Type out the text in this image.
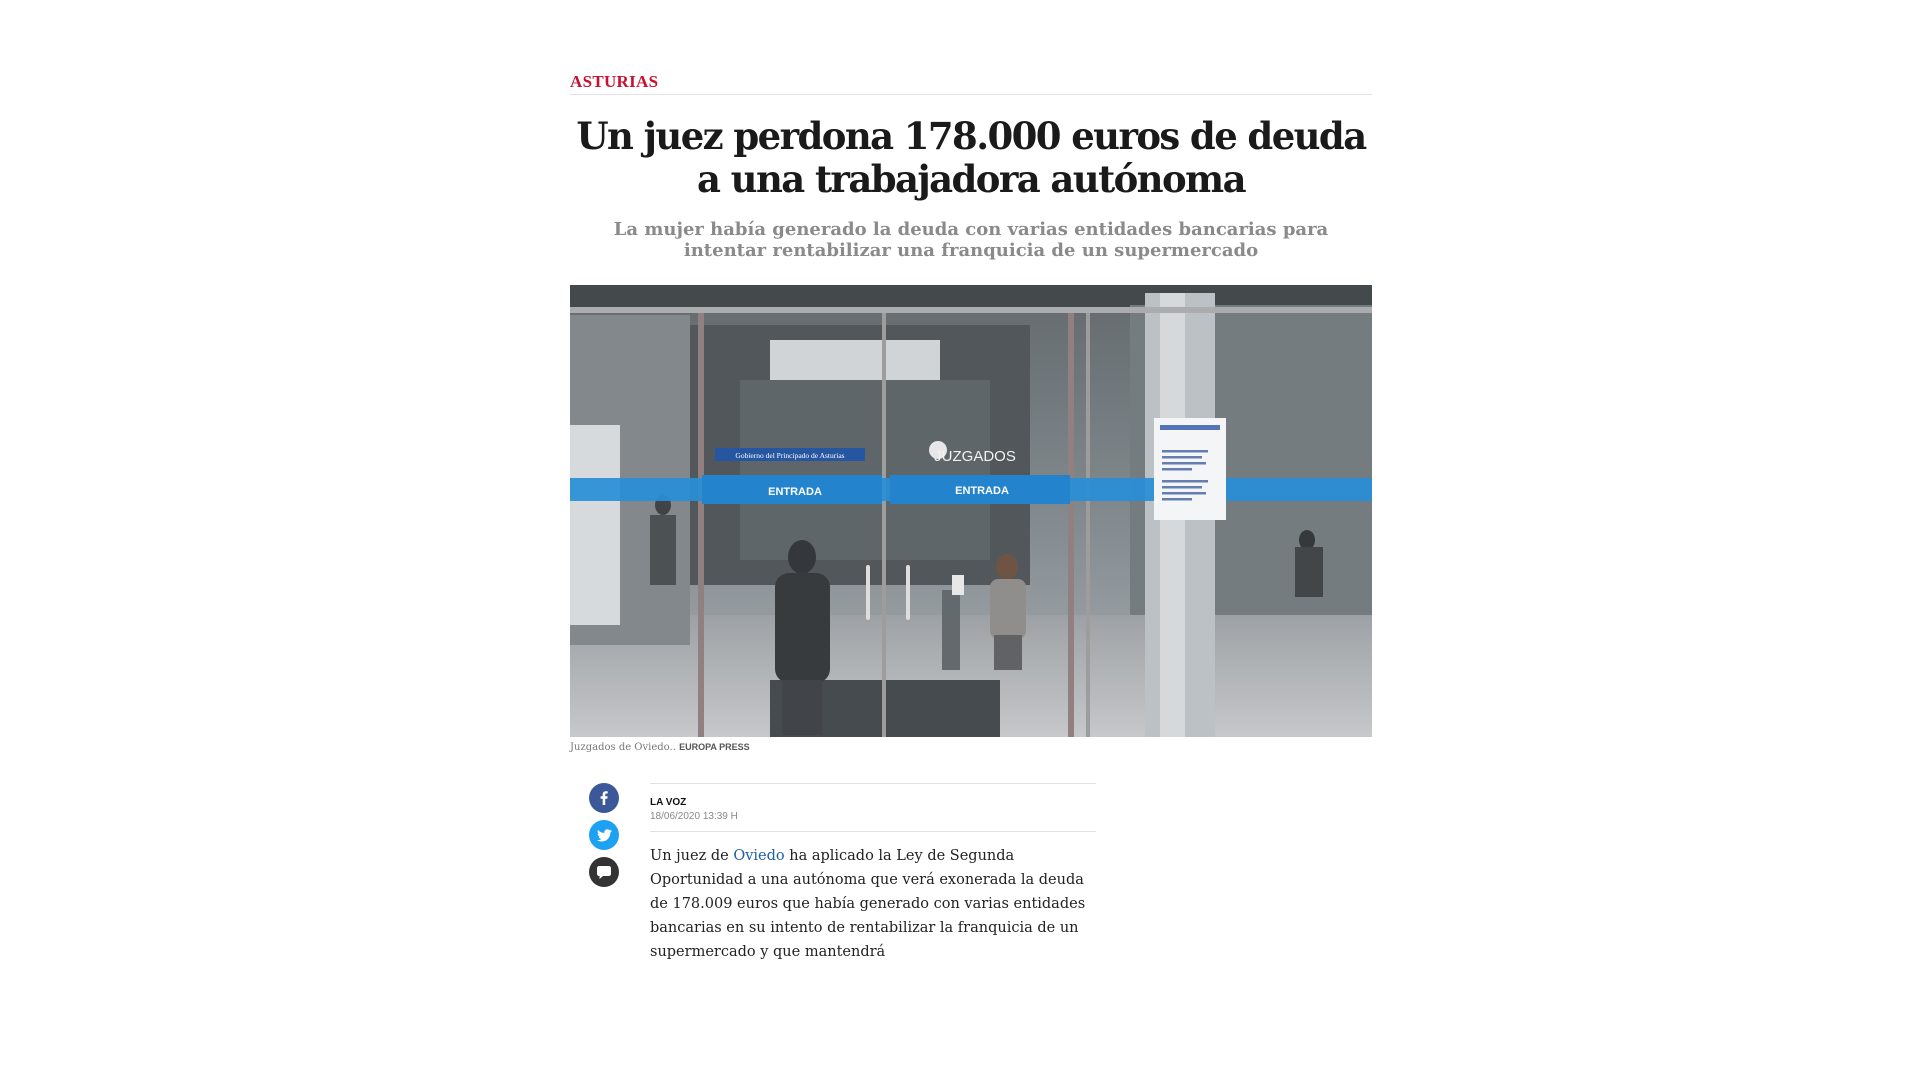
ASTURIAS
Un juez perdona 178.000 euros de deuda a una trabajadora autónoma
La mujer había generado la deuda con varias entidades bancarias para intentar rentabilizar una franquicia de un supermercado
Gobierno del Principado de Asturias	JUZGADOS
ENTRADA	ENTRADA
Juzgados de Oviedo.. EUROPA PRESS
LA VOZ
18/06/2020 13:39 H

Un juez de Oviedo ha aplicado la Ley de Segunda Oportunidad a una autónoma que verá exonerada la deuda de 178.009 euros que había generado con varias entidades bancarias en su intento de rentabilizar la franquicia de un supermercado y que mantendrá
